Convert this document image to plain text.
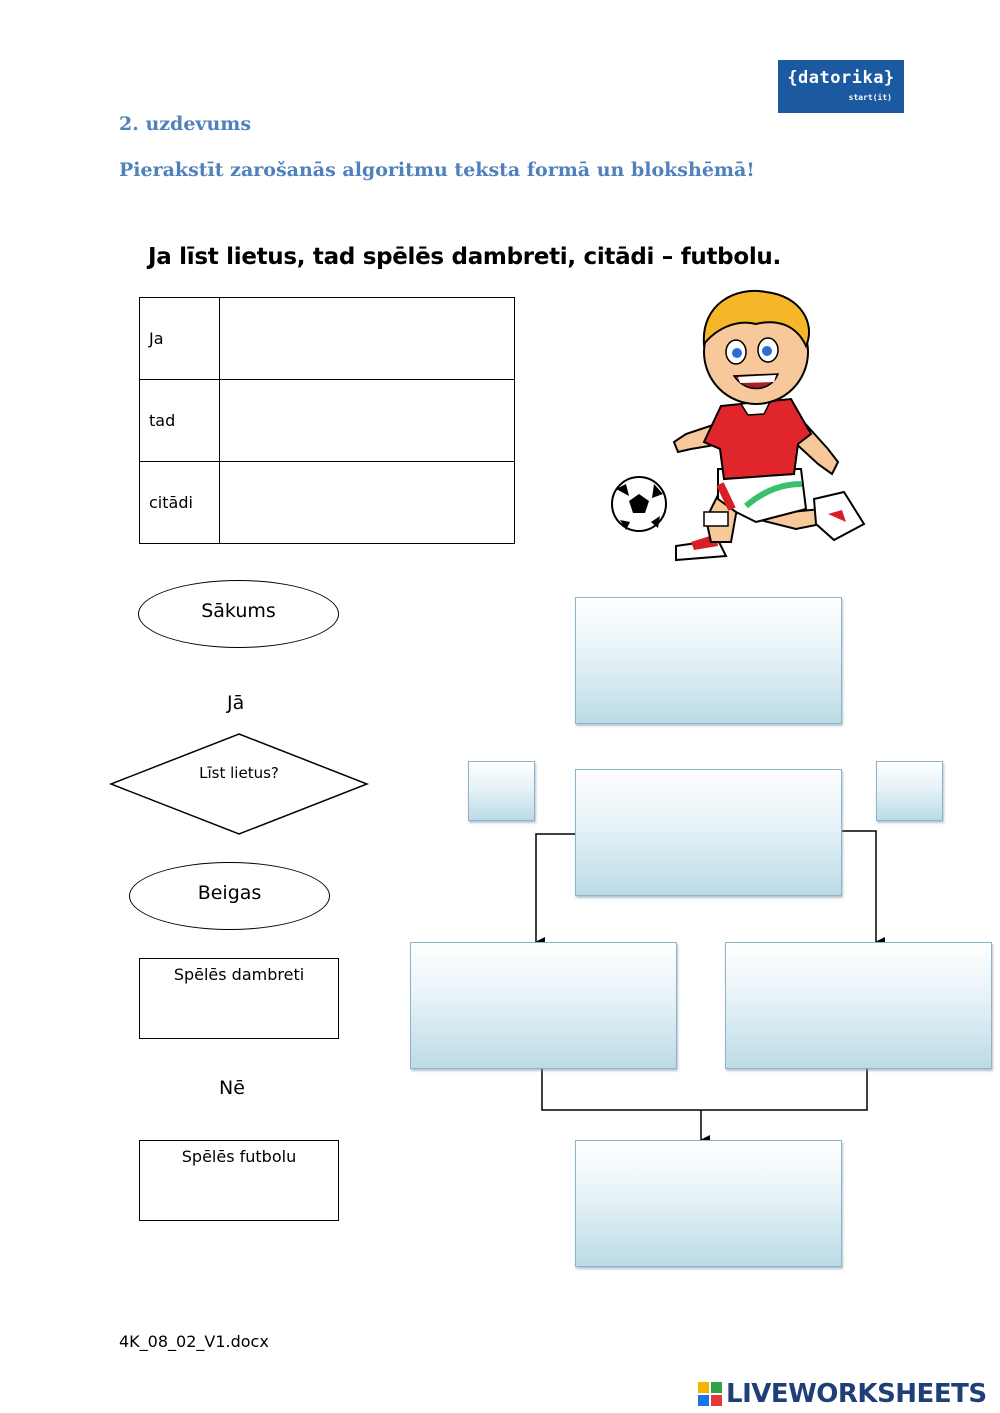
{datorika}
start(it)
2. uzdevums
Pierakstīt zarošanās algoritmu teksta formā un blokshēmā!
Ja līst lietus, tad spēlēs dambreti, citādi – futbolu.
Ja	
tad	
citādi	
Sākums
Jā
Līst lietus?
Beigas
Spēlēs dambreti
Nē
Spēlēs futbolu
4K_08_02_V1.docx
LIVEWORKSHEETS
